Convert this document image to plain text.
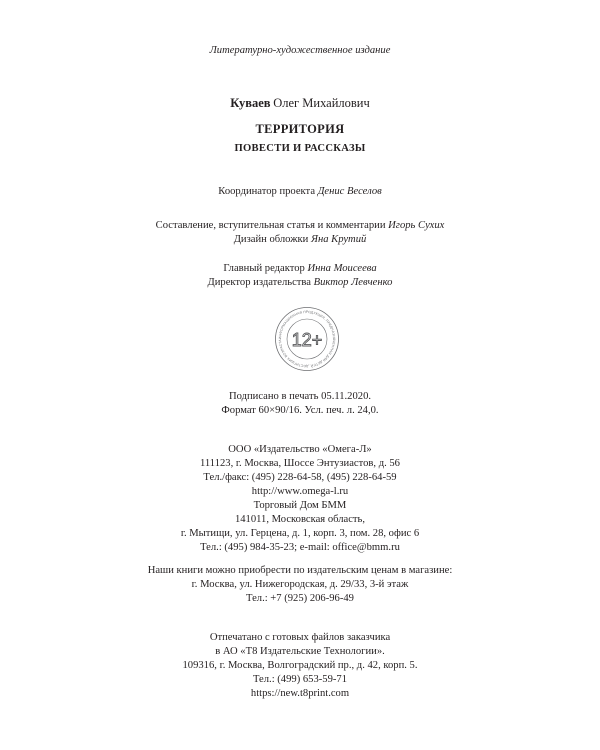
Литературно-художественное издание
Куваев Олег Михайлович
ТЕРРИТОРИЯ
ПОВЕСТИ И РАССКАЗЫ
Координатор проекта Денис Веселов
Составление, вступительная статья и комментарии Игорь Сухих
Дизайн обложки Яна Крутий
Главный редактор Инна Моисеева
Директор издательства Виктор Левченко
ИНФОРМАЦИОННАЯ ПРОДУКЦИЯ, ПРЕДНАЗНАЧЕННАЯ ДЛЯ ДЕТЕЙ, ДОСТИГШИХ ВОЗРАСТА 12+
Подписано в печать 05.11.2020.
Формат 60×90/16. Усл. печ. л. 24,0.
ООО «Издательство «Омега-Л»
111123, г. Москва, Шоссе Энтузиастов, д. 56
Тел./факс: (495) 228-64-58, (495) 228-64-59
http://www.omega-l.ru
Торговый Дом БММ
141011, Московская область,
г. Мытищи, ул. Герцена, д. 1, корп. 3, пом. 28, офис 6
Тел.: (495) 984-35-23; e-mail: office@bmm.ru
Наши книги можно приобрести по издательским ценам в магазине:
г. Москва, ул. Нижегородская, д. 29/33, 3-й этаж
Тел.: +7 (925) 206-96-49
Отпечатано с готовых файлов заказчика
в АО «Т8 Издательские Технологии».
109316, г. Москва, Волгоградский пр., д. 42, корп. 5.
Тел.: (499) 653-59-71
https://new.t8print.com
